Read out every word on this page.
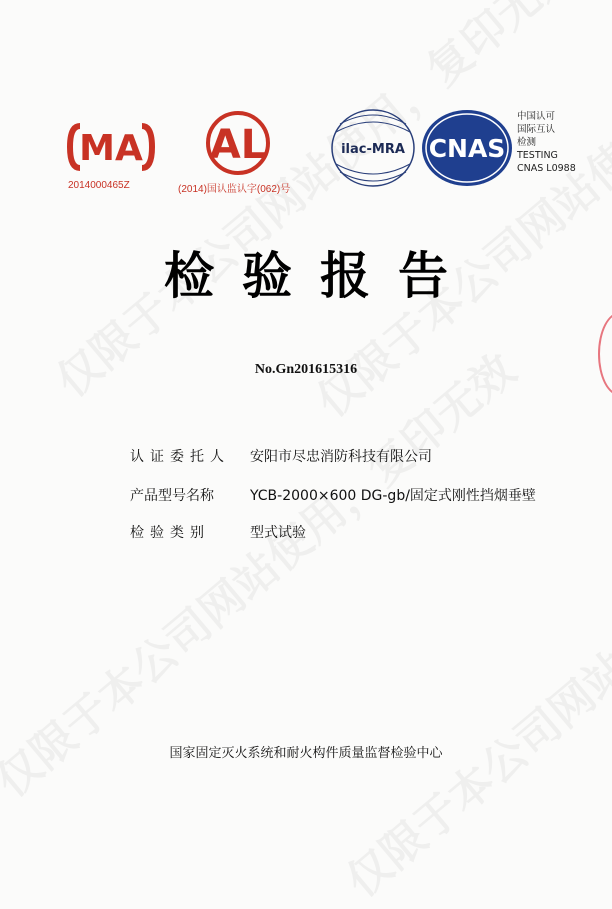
MA
2014000465Z
AL
(2014)国认监认字(062)号
ilac-MRA CNAS
中国认可
国际互认
检测
TESTING
CNAS L0988
检验报告
No.Gn201615316
认证委托人 安阳市尽忠消防科技有限公司
产品型号名称	YCB-2000×600 DG-gb/固定式刚性挡烟垂壁
检验类别	型式试验
国家固定灭火系统和耐火构件质量监督检验中心
